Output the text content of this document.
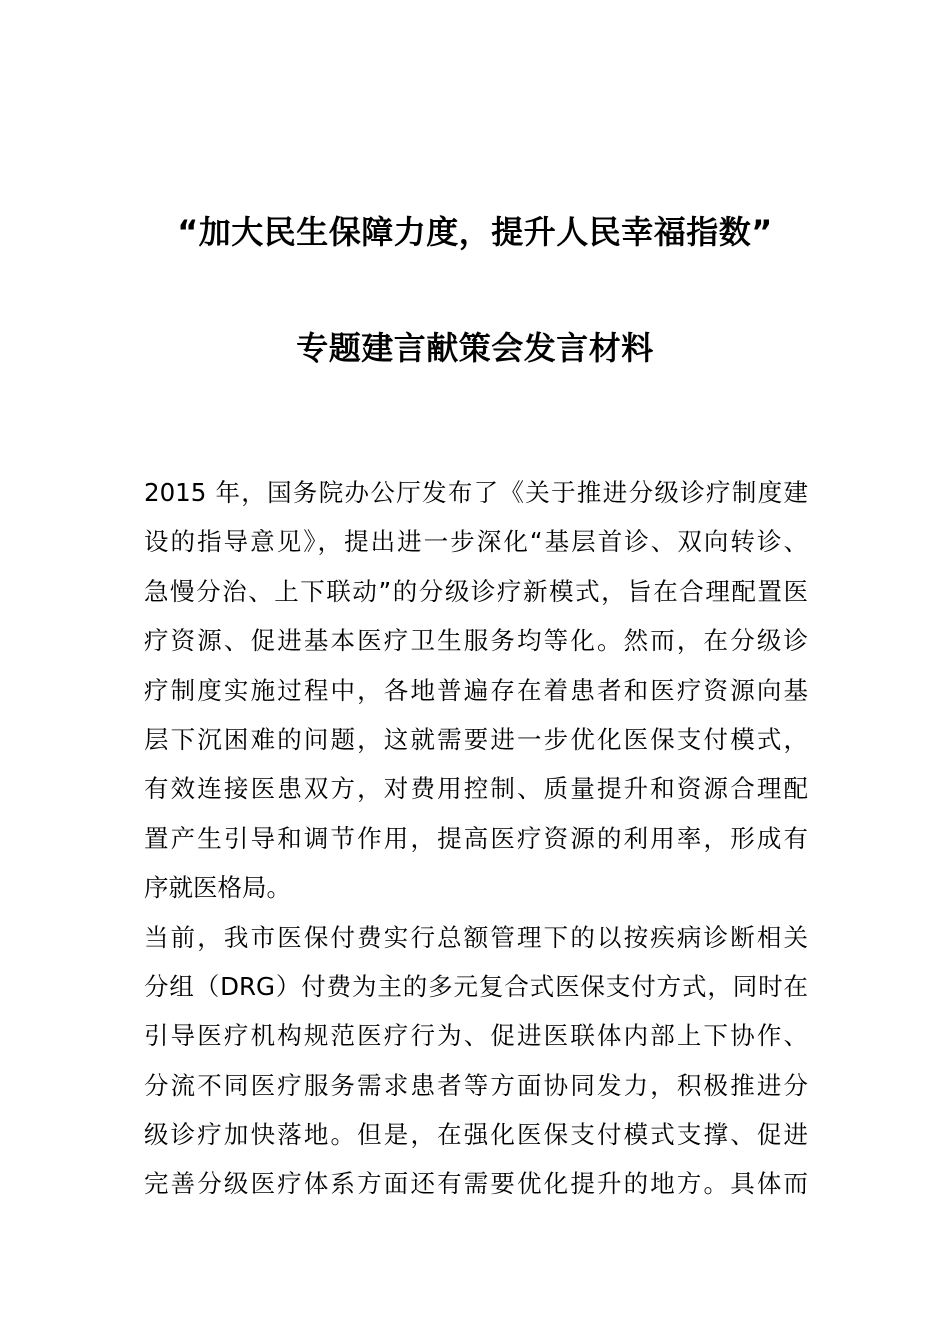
“加大民生保障力度，提升人民幸福指数”
专题建言献策会发言材料
2015 年，国务院办公厅发布了《关于推进分级诊疗制度建
设的指导意见》，提出进一步深化“基层首诊、双向转诊、
急慢分治、上下联动”的分级诊疗新模式，旨在合理配置医
疗资源、促进基本医疗卫生服务均等化。然而，在分级诊
疗制度实施过程中，各地普遍存在着患者和医疗资源向基
层下沉困难的问题，这就需要进一步优化医保支付模式，
有效连接医患双方，对费用控制、质量提升和资源合理配
置产生引导和调节作用，提高医疗资源的利用率，形成有
序就医格局。
当前，我市医保付费实行总额管理下的以按疾病诊断相关
分组（DRG）付费为主的多元复合式医保支付方式，同时在
引导医疗机构规范医疗行为、促进医联体内部上下协作、
分流不同医疗服务需求患者等方面协同发力，积极推进分
级诊疗加快落地。但是，在强化医保支付模式支撑、促进
完善分级医疗体系方面还有需要优化提升的地方。具体而
